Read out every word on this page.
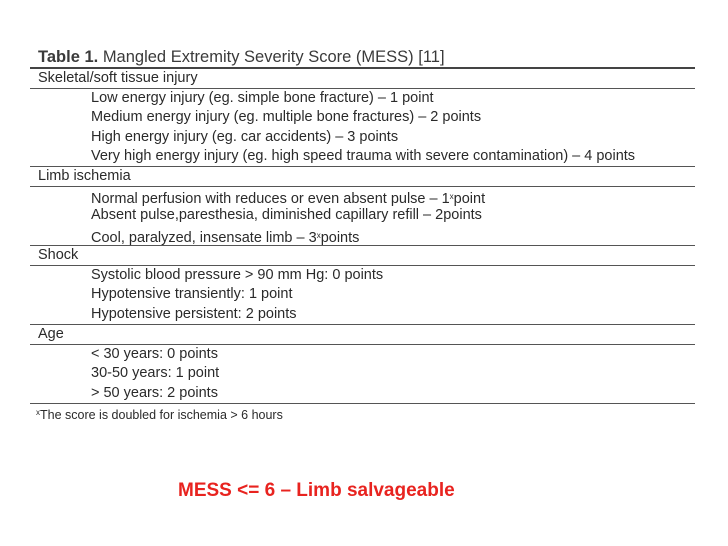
Table 1. Mangled Extremity Severity Score (MESS) [11]
Skeletal/soft tissue injury
Low energy injury (eg. simple bone fracture) – 1 point
Medium energy injury (eg. multiple bone fractures) – 2 points
High energy injury (eg. car accidents) – 3 points
Very high energy injury (eg. high speed trauma with severe contamination) – 4 points
Limb ischemia
Normal perfusion with reduces or even absent pulse – 1$^x$point
Absent pulse,paresthesia, diminished capillary refill – 2points
Cool, paralyzed, insensate limb – 3$^x$points
Shock
Systolic blood pressure > 90 mm Hg: 0 points
Hypotensive transiently: 1 point
Hypotensive persistent: 2 points
Age
< 30 years: 0 points
30-50 years: 1 point
> 50 years: 2 points
$^x$The score is doubled for ischemia > 6 hours
MESS <= 6 – Limb salvageable
